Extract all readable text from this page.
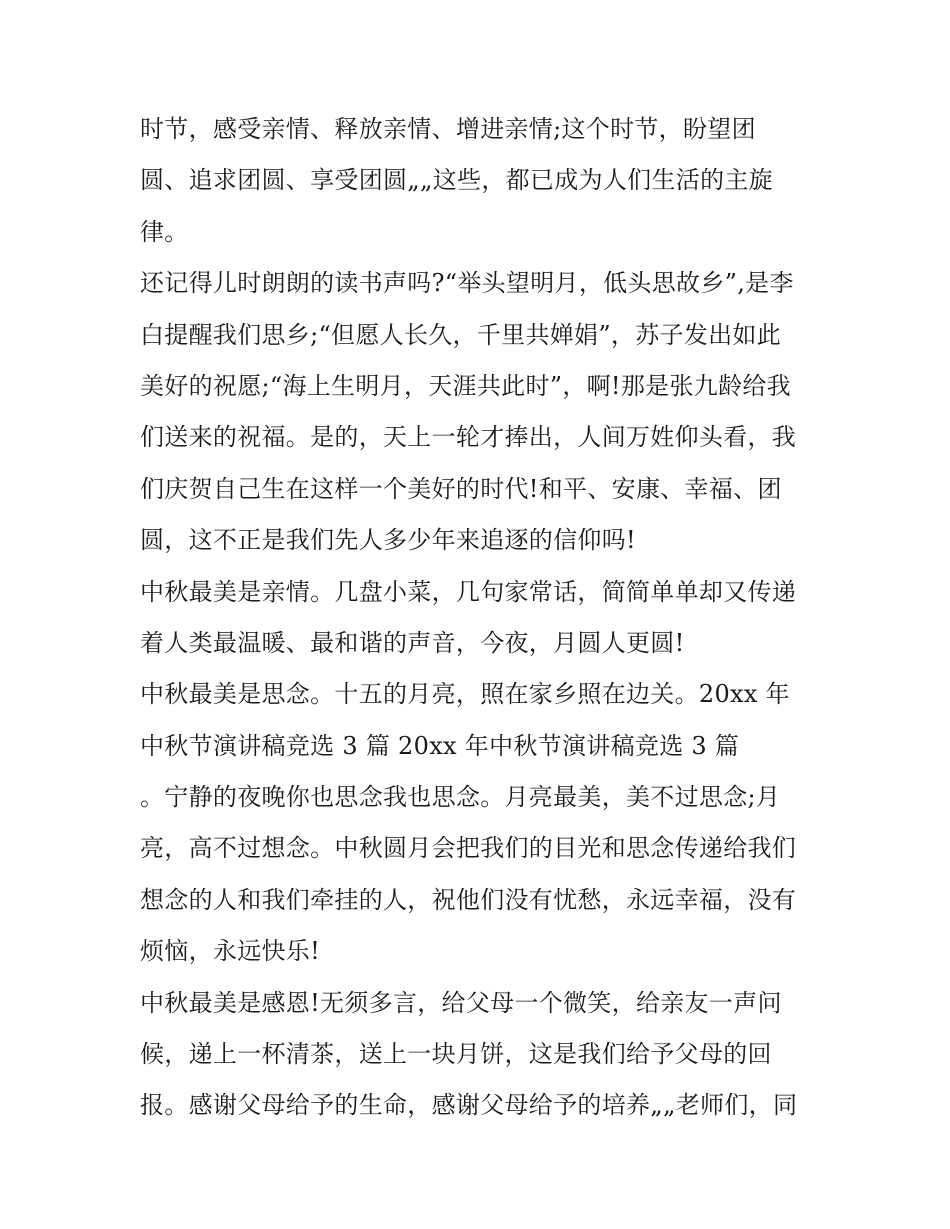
时节，感受亲情、释放亲情、增进亲情;这个时节，盼望团
圆、追求团圆、享受团圆„„这些，都已成为人们生活的主旋
律。
还记得儿时朗朗的读书声吗?“举头望明月，低头思故乡”,是李
白提醒我们思乡;“但愿人长久，千里共婵娟”，苏子发出如此
美好的祝愿;“海上生明月，天涯共此时”，啊!那是张九龄给我
们送来的祝福。是的，天上一轮才捧出，人间万姓仰头看，我
们庆贺自己生在这样一个美好的时代!和平、安康、幸福、团
圆，这不正是我们先人多少年来追逐的信仰吗!
中秋最美是亲情。几盘小菜，几句家常话，简简单单却又传递
着人类最温暖、最和谐的声音，今夜，月圆人更圆!
中秋最美是思念。十五的月亮，照在家乡照在边关。20xx 年
中秋节演讲稿竞选 3 篇 20xx 年中秋节演讲稿竞选 3 篇
。宁静的夜晚你也思念我也思念。月亮最美，美不过思念;月
亮，高不过想念。中秋圆月会把我们的目光和思念传递给我们
想念的人和我们牵挂的人，祝他们没有忧愁，永远幸福，没有
烦恼，永远快乐!
中秋最美是感恩!无须多言，给父母一个微笑，给亲友一声问
候，递上一杯清茶，送上一块月饼，这是我们给予父母的回
报。感谢父母给予的生命，感谢父母给予的培养„„老师们，同
